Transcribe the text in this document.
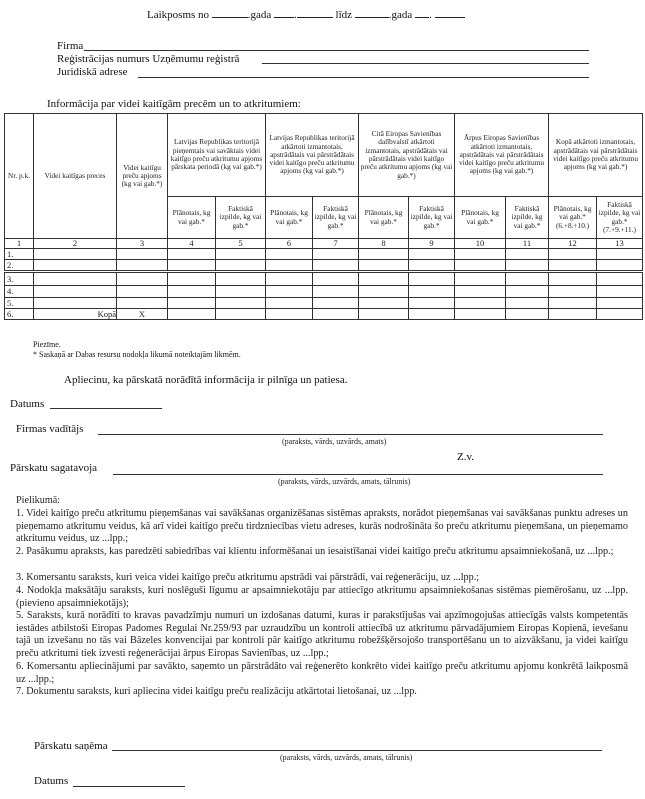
Laikposms no	.gada .	līdz	.gada .
Firma
Reģistrācijas numurs Uzņēmumu reģistrā
Juridiskā adrese
Informācija par videi kaitīgām precēm un to atkritumiem:
Nr. p.k.	Videi kaitīgas preces	Videi kaitīgu preču apjoms (kg vai gab.*)	Latvijas Republikas teritorijā pieņemtais vai savāktais videi kaitīgo preču atkritumu apjoms pārskata periodā (kg vai gab.*)		Latvijas Republikas teritorijā atkārtoti izmantotais, apstrādātais vai pārstrādātais videi kaitīgo preču atkritumu apjoms (kg vai gab.*)		Citā Eiropas Savienības dalībvalstī atkārtoti izmantotais, apstrādātais vai pārstrādātais videi kaitīgo preču atkritumu apjoms (kg vai gab.*)		Ārpus Eiropas Savienības atkārtoti izmantotais, apstrādātais vai pārstrādātais videi kaitīgo preču atkritumu apjoms (kg vai gab.*)		Kopā atkārtoti izmantotais, apstrādātais vai pārstrādātais videi kaitīgo preču atkritumu apjoms (kg vai gab.*)	
			Plānotais, kg vai gab.*	Faktiskā izpilde, kg vai gab.*	Plānotais, kg vai gab.*	Faktiskā izpilde, kg vai gab.*	Plānotais, kg vai gab.*	Faktiskā izpilde, kg vai gab.*	Plānotais, kg vai gab.*	Faktiskā izpilde, kg vai gab.*	Plānotais, kg vai gab.* (6.+8.+10.)	Faktiskā izpilde, kg vai gab.* (7.+9.+11.)
1	2	3	4	5	6	7	8	9	10	11	12	13
1.												
2.												
3.												
4.												
5.												
6.	Kopā	X										
Piezīme.
* Saskaņā ar Dabas resursu nodokļa likumā noteiktajām likmēm.
Apliecinu, ka pārskatā norādītā informācija ir pilnīga un patiesa.
Datums
Firmas vadītājs
(paraksts, vārds, uzvārds, amats)
Z.v.
Pārskatu sagatavoja
(paraksts, vārds, uzvārds, amats, tālrunis)
Pielikumā:
1. Videi kaitīgo preču atkritumu pieņemšanas vai savākšanas organizēšanas sistēmas apraksts, norādot pieņemšanas vai savākšanas punktu adreses un pieņemamo atkritumu veidus, kā arī videi kaitīgo preču tirdzniecības vietu adreses, kurās nodrošināta šo preču atkritumu pieņemšana, un pieņemamo atkritumu veidus, uz ...lpp.;
2. Pasākumu apraksts, kas paredzēti sabiedrības vai klientu informēšanai un iesaistīšanai videi kaitīgo preču atkritumu apsaimniekošanā, uz ...lpp.;
3. Komersantu saraksts, kuri veica videi kaitīgo preču atkritumu apstrādi vai pārstrādi, vai reģenerāciju, uz ...lpp.;
4. Nodokļa maksātāju saraksts, kuri noslēguši līgumu ar apsaimniekotāju par attiecīgo atkritumu apsaimniekošanas sistēmas piemērošanu, uz ...lpp. (pievieno apsaimniekotājs);
5. Saraksts, kurā norādīti to kravas pavadzīmju numuri un izdošanas datumi, kuras ir parakstījušas vai apzīmogojušas attiecīgās valsts kompetentās iestādes atbilstoši Eiropas Padomes Regulai Nr.259/93 par uzraudzību un kontroli attiecībā uz atkritumu pārvadājumiem Eiropas Kopienā, ievešanu tajā un izvešanu no tās vai Bāzeles konvencijai par kontroli pār kaitīgo atkritumu robežšķērsojošo transportēšanu un to aizvākšanu, ja videi kaitīgu preču atkritumi tiek izvesti reģenerācijai ārpus Eiropas Savienības, uz ...lpp.;
6. Komersantu apliecinājumi par savākto, saņemto un pārstrādāto vai reģenerēto konkrēto videi kaitīgo preču atkritumu apjomu konkrētā laikposmā uz ...lpp.;
7. Dokumentu saraksts, kuri apliecina videi kaitīgu preču realizāciju atkārtotai lietošanai, uz ...lpp.
Pārskatu saņēma
(paraksts, vārds, uzvārds, amats, tālrunis)
Datums
